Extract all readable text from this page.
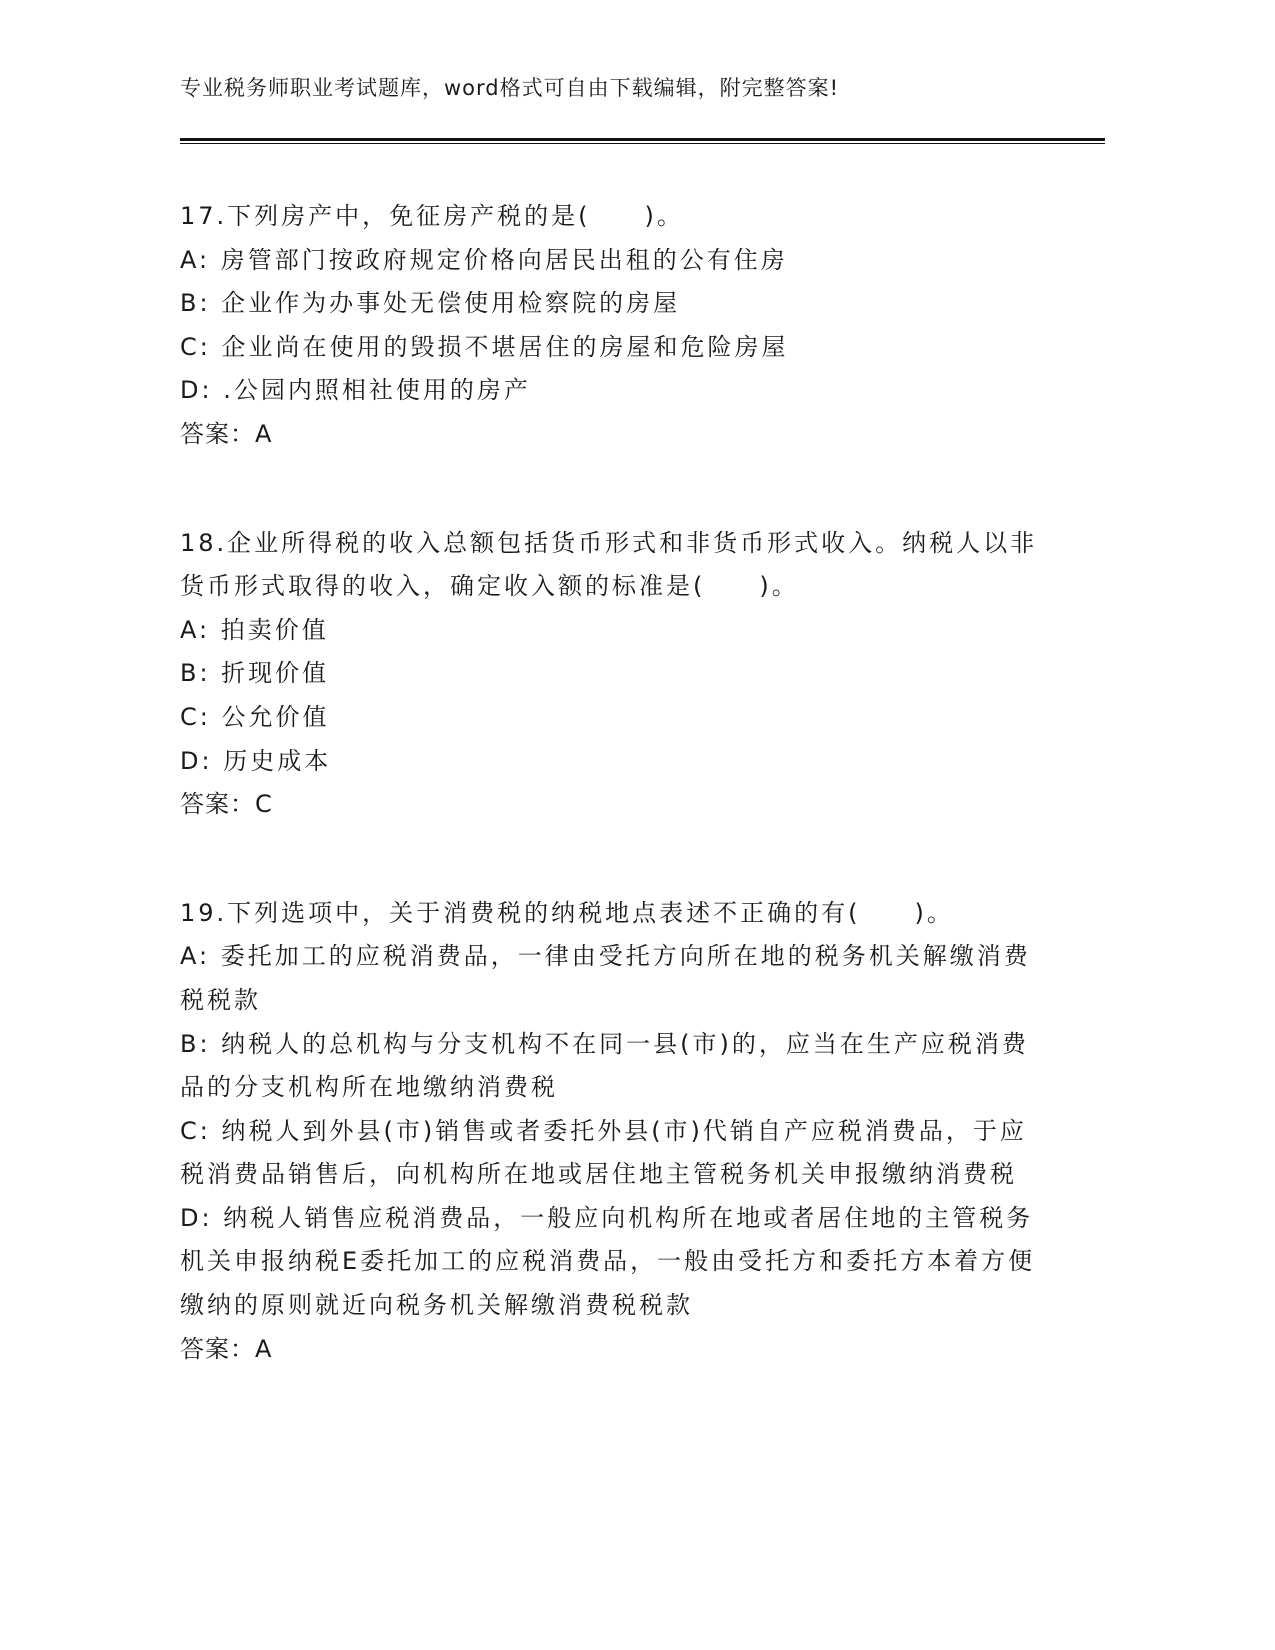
专业税务师职业考试题库，word格式可自由下载编辑，附完整答案!
17.下列房产中，免征房产税的是(　　)。
A: 房管部门按政府规定价格向居民出租的公有住房
B: 企业作为办事处无偿使用检察院的房屋
C: 企业尚在使用的毁损不堪居住的房屋和危险房屋
D: .公园内照相社使用的房产
答案：A
18.企业所得税的收入总额包括货币形式和非货币形式收入。纳税人以非货币形式取得的收入，确定收入额的标准是(　　)。
A: 拍卖价值
B: 折现价值
C: 公允价值
D: 历史成本
答案：C
19.下列选项中，关于消费税的纳税地点表述不正确的有(　　)。
A: 委托加工的应税消费品，一律由受托方向所在地的税务机关解缴消费税税款
B: 纳税人的总机构与分支机构不在同一县(市)的，应当在生产应税消费品的分支机构所在地缴纳消费税
C: 纳税人到外县(市)销售或者委托外县(市)代销自产应税消费品，于应税消费品销售后，向机构所在地或居住地主管税务机关申报缴纳消费税
D: 纳税人销售应税消费品，一般应向机构所在地或者居住地的主管税务机关申报纳税E委托加工的应税消费品，一般由受托方和委托方本着方便缴纳的原则就近向税务机关解缴消费税税款
答案：A
